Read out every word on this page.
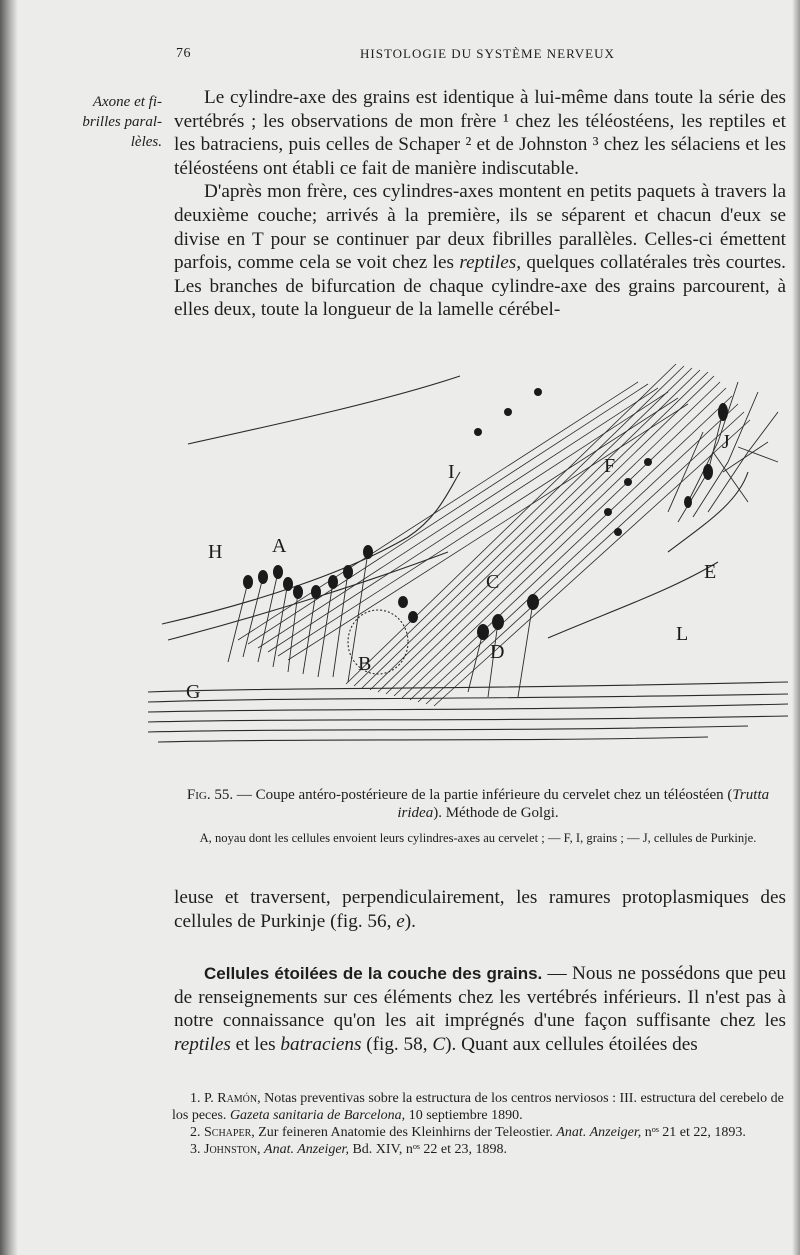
76	HISTOLOGIE DU SYSTÈME NERVEUX
Axone et fi-brilles paral-lèles.

Le cylindre-axe des grains est identique à lui-même dans toute la série des vertébrés ; les observations de mon frère ¹ chez les téléostéens, les reptiles et les batraciens, puis celles de Schaper ² et de Johnston ³ chez les sélaciens et les téléostéens ont établi ce fait de manière indiscutable.

D'après mon frère, ces cylindres-axes montent en petits paquets à travers la deuxième couche; arrivés à la première, ils se séparent et chacun d'eux se divise en T pour se continuer par deux fibrilles parallèles. Celles-ci émettent parfois, comme cela se voit chez les reptiles, quelques collatérales très courtes. Les branches de bifurcation de chaque cylindre-axe des grains parcourent, à elles deux, toute la longueur de la lamelle cérébel-

H A
B
C
D
E
F
G
I
J
L
Fig. 55. — Coupe antéro-postérieure de la partie inférieure du cervelet chez un téléostéen (Trutta iridea). Méthode de Golgi.
A, noyau dont les cellules envoient leurs cylindres-axes au cervelet ; — F, I, grains ; — J, cellules de Purkinje.

leuse et traversent, perpendiculairement, les ramures protoplasmiques des cellules de Purkinje (fig. 56, e).

Cellules étoilées de la couche des grains. — Nous ne possédons que peu de renseignements sur ces éléments chez les vertébrés inférieurs. Il n'est pas à notre connaissance qu'on les ait imprégnés d'une façon suffisante chez les reptiles et les batraciens (fig. 58, C). Quant aux cellules étoilées des

1. P. Ramón, Notas preventivas sobre la estructura de los centros nerviosos : III. estructura del cerebelo de los peces. Gazeta sanitaria de Barcelona, 10 septiembre 1890.
2. Schaper, Zur feineren Anatomie des Kleinhirns der Teleostier. Anat. Anzeiger, nᵒˢ 21 et 22, 1893.
3. Johnston, Anat. Anzeiger, Bd. XIV, nᵒˢ 22 et 23, 1898.
